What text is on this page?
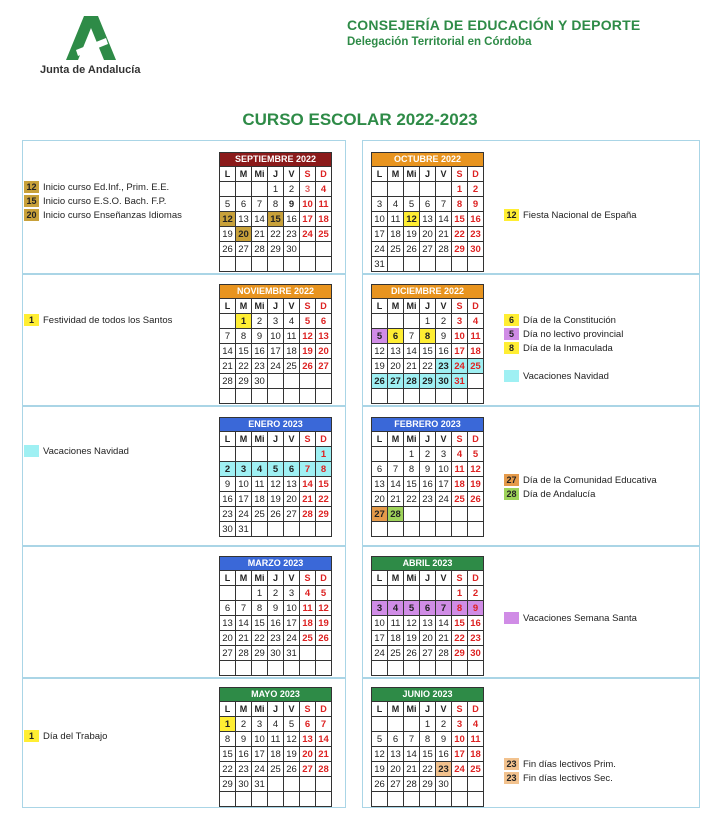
Junta de Andalucía
CONSEJERÍA DE EDUCACIÓN Y DEPORTE
Delegación Territorial en Córdoba
CURSO ESCOLAR 2022-2023
SEPTIEMBRE 2022						
L	M	Mi	J	V	S	D
			1	2	3	4
5	6	7	8	9	10	11
12	13	14	15	16	17	18
19	20	21	22	23	24	25
26	27	28	29	30		

OCTUBRE 2022						
L	M	Mi	J	V	S	D
					1	2
3	4	5	6	7	8	9
10	11	12	13	14	15	16
17	18	19	20	21	22	23
24	25	26	27	28	29	30
31						
NOVIEMBRE 2022						
L	M	Mi	J	V	S	D
	1	2	3	4	5	6
7	8	9	10	11	12	13
14	15	16	17	18	19	20
21	22	23	24	25	26	27
28	29	30				

DICIEMBRE 2022						
L	M	Mi	J	V	S	D
			1	2	3	4
5	6	7	8	9	10	11
12	13	14	15	16	17	18
19	20	21	22	23	24	25
26	27	28	29	30	31	

ENERO 2023						
L	M	Mi	J	V	S	D
						1
2	3	4	5	6	7	8
9	10	11	12	13	14	15
16	17	18	19	20	21	22
23	24	25	26	27	28	29
30	31					
FEBRERO 2023						
L	M	Mi	J	V	S	D
		1	2	3	4	5
6	7	8	9	10	11	12
13	14	15	16	17	18	19
20	21	22	23	24	25	26
27	28					

MARZO 2023						
L	M	Mi	J	V	S	D
		1	2	3	4	5
6	7	8	9	10	11	12
13	14	15	16	17	18	19
20	21	22	23	24	25	26
27	28	29	30	31		

ABRIL 2023						
L	M	Mi	J	V	S	D
					1	2
3	4	5	6	7	8	9
10	11	12	13	14	15	16
17	18	19	20	21	22	23
24	25	26	27	28	29	30

MAYO 2023						
L	M	Mi	J	V	S	D
1	2	3	4	5	6	7
8	9	10	11	12	13	14
15	16	17	18	19	20	21
22	23	24	25	26	27	28
29	30	31				

JUNIO 2023						
L	M	Mi	J	V	S	D
			1	2	3	4
5	6	7	8	9	10	11
12	13	14	15	16	17	18
19	20	21	22	23	24	25
26	27	28	29	30		

12 Inicio curso Ed.Inf., Prim. E.E.
15 Inicio curso E.S.O. Bach. F.P.
20 Inicio curso Enseñanzas Idiomas	12 Fiesta Nacional de España
1 Festividad de todos los Santos	6 Día de la Constitución
5 Día no lectivo provincial
8 Día de la Inmaculada
Vacaciones Navidad
Vacaciones Navidad
27 Día de la Comunidad Educativa
28 Día de Andalucía
Vacaciones Semana Santa
1 Día del Trabajo
23 Fin días lectivos Prim.
23 Fin días lectivos Sec.
